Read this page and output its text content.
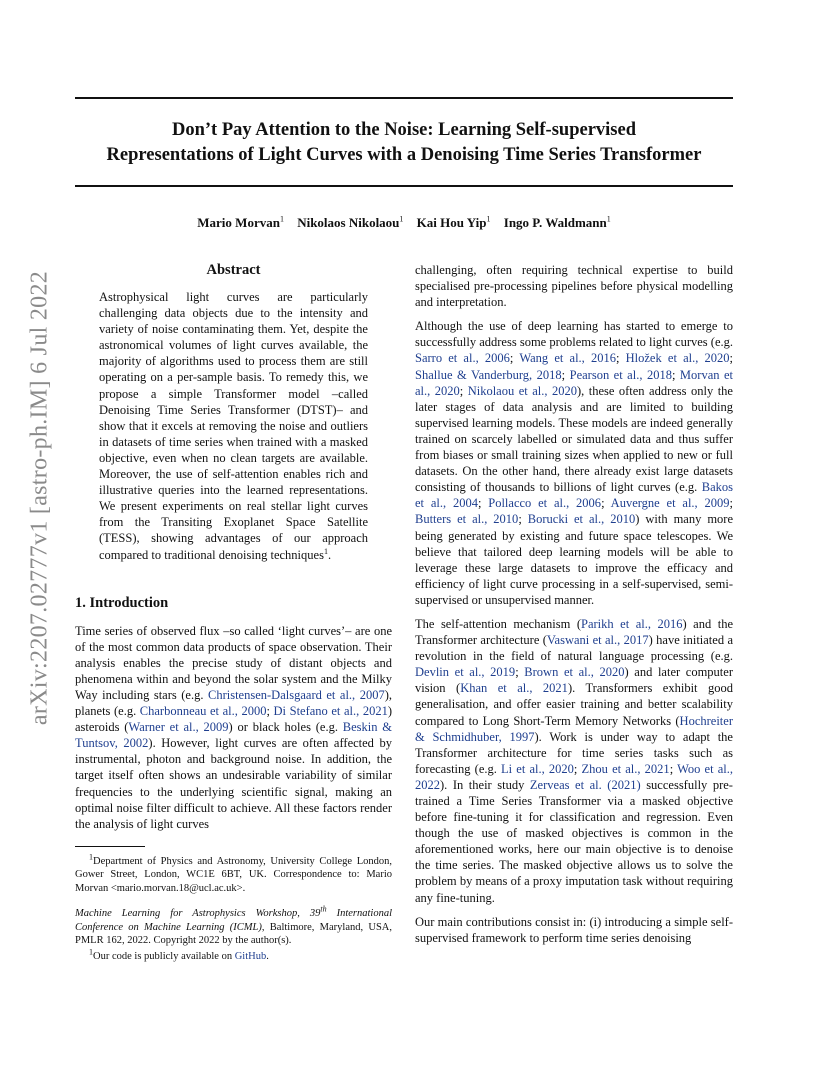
Don’t Pay Attention to the Noise: Learning Self-supervised
Representations of Light Curves with a Denoising Time Series Transformer
Mario Morvan$^1$ Nikolaos Nikolaou$^1$ Kai Hou Yip$^1$ Ingo P. Waldmann$^1$
arXiv:2207.02777v1 [astro-ph.IM] 6 Jul 2022
Abstract

Astrophysical light curves are particularly challenging data objects due to the intensity and variety of noise contaminating them. Yet, despite the astronomical volumes of light curves available, the majority of algorithms used to process them are still operating on a per-sample basis. To remedy this, we propose a simple Transformer model –called Denoising Time Series Transformer (DTST)– and show that it excels at removing the noise and outliers in datasets of time series when trained with a masked objective, even when no clean targets are available. Moreover, the use of self-attention enables rich and illustrative queries into the learned representations. We present experiments on real stellar light curves from the Transiting Exoplanet Space Satellite (TESS), showing advantages of our approach compared to traditional denoising techniques$^1$.

1. Introduction

Time series of observed flux –so called ‘light curves’– are one of the most common data products of space observation. Their analysis enables the precise study of distant objects and phenomena within and beyond the solar system and the Milky Way including stars (e.g. Christensen-Dalsgaard et al., 2007), planets (e.g. Charbonneau et al., 2000; Di Stefano et al., 2021) asteroids (Warner et al., 2009) or black holes (e.g. Beskin & Tuntsov, 2002). However, light curves are often affected by instrumental, photon and background noise. In addition, the target itself often shows an undesirable variability of similar frequencies to the underlying scientific signal, making an optimal noise filter difficult to achieve. All these factors render the analysis of light curves

$^1$Department of Physics and Astronomy, University College London, Gower Street, London, WC1E 6BT, UK. Correspondence to: Mario Morvan <mario.morvan.18@ucl.ac.uk>.

Machine Learning for Astrophysics Workshop, 39th International Conference on Machine Learning (ICML), Baltimore, Maryland, USA, PMLR 162, 2022. Copyright 2022 by the author(s).

$^1$Our code is publicly available on GitHub.

challenging, often requiring technical expertise to build specialised pre-processing pipelines before physical modelling and interpretation.

Although the use of deep learning has started to emerge to successfully address some problems related to light curves (e.g. Sarro et al., 2006; Wang et al., 2016; Hložek et al., 2020; Shallue & Vanderburg, 2018; Pearson et al., 2018; Morvan et al., 2020; Nikolaou et al., 2020), these often address only the later stages of data analysis and are limited to building supervised learning models. These models are indeed generally trained on scarcely labelled or simulated data and thus suffer from biases or small training sizes when applied to new or full datasets. On the other hand, there already exist large datasets consisting of thousands to billions of light curves (e.g. Bakos et al., 2004; Pollacco et al., 2006; Auvergne et al., 2009; Butters et al., 2010; Borucki et al., 2010) with many more being generated by existing and future space telescopes. We believe that tailored deep learning models will be able to leverage these large datasets to improve the efficacy and efficiency of light curve processing in a self-supervised, semi-supervised or unsupervised manner.

The self-attention mechanism (Parikh et al., 2016) and the Transformer architecture (Vaswani et al., 2017) have initiated a revolution in the field of natural language processing (e.g. Devlin et al., 2019; Brown et al., 2020) and later computer vision (Khan et al., 2021). Transformers exhibit good generalisation, and offer easier training and better scalability compared to Long Short-Term Memory Networks (Hochreiter & Schmidhuber, 1997). Work is under way to adapt the Transformer architecture for time series tasks such as forecasting (e.g. Li et al., 2020; Zhou et al., 2021; Woo et al., 2022). In their study Zerveas et al. (2021) successfully pre-trained a Time Series Transformer via a masked objective before fine-tuning it for classification and regression. Even though the use of masked objectives is common in the aforementioned works, here our main objective is to denoise the time series. The masked objective allows us to solve the problem by means of a proxy imputation task without requiring any fine-tuning.

Our main contributions consist in: (i) introducing a simple self-supervised framework to perform time series denoising
